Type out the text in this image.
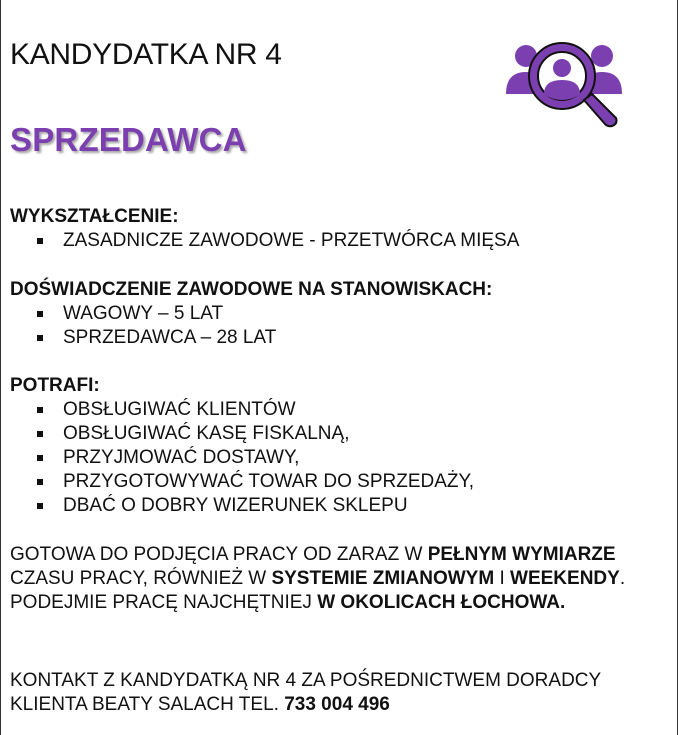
KANDYDATKA NR 4
SPRZEDAWCA

WYKSZTAŁCENIE:

ZASADNICZE ZAWODOWE - PRZETWÓRCA MIĘSA

DOŚWIADCZENIE ZAWODOWE NA STANOWISKACH:

WAGOWY – 5 LAT
SPRZEDAWCA – 28 LAT

POTRAFI:

OBSŁUGIWAĆ KLIENTÓW
OBSŁUGIWAĆ KASĘ FISKALNĄ,
PRZYJMOWAĆ DOSTAWY,
PRZYGOTOWYWAĆ TOWAR DO SPRZEDAŻY,
DBAĆ O DOBRY WIZERUNEK SKLEPU

GOTOWA DO PODJĘCIA PRACY OD ZARAZ W PEŁNYM WYMIARZE CZASU PRACY, RÓWNIEŻ W SYSTEMIE ZMIANOWYM I WEEKENDY. PODEJMIE PRACĘ NAJCHĘTNIEJ W OKOLICACH ŁOCHOWA.

KONTAKT Z KANDYDATKĄ NR 4 ZA POŚREDNICTWEM DORADCY KLIENTA BEATY SALACH TEL. 733 004 496
